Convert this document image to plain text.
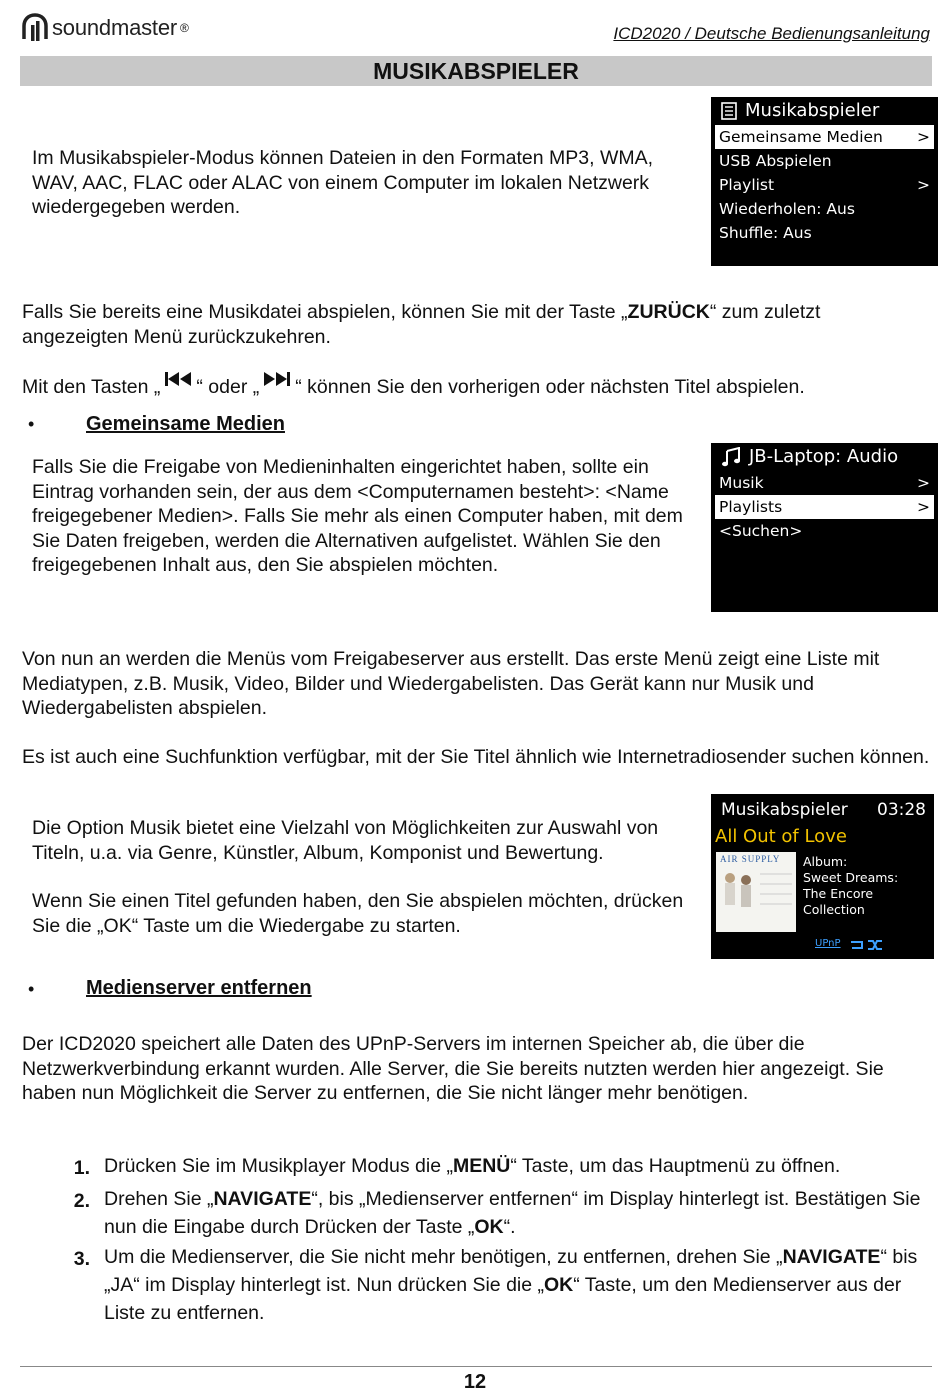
soundmaster ®	ICD2020 / Deutsche Bedienungsanleitung
MUSIKABSPIELER
Im Musikabspieler-Modus können Dateien in den Formaten MP3, WMA, WAV, AAC, FLAC oder ALAC von einem Computer im lokalen Netzwerk wiedergegeben werden.
Musikabspieler
Gemeinsame Medien >
USB Abspielen
Playlist	>
Wiederholen: Aus
Shuffle: Aus
Falls Sie bereits eine Musikdatei abspielen, können Sie mit der Taste „ZURÜCK“ zum zuletzt angezeigten Menü zurückzukehren.
Mit den Tasten „ “ oder „ “ können Sie den vorherigen oder nächsten Titel abspielen.
•	Gemeinsame Medien
Falls Sie die Freigabe von Medieninhalten eingerichtet haben, sollte ein Eintrag vorhanden sein, der aus dem <Computernamen besteht>: <Name freigegebener Medien>. Falls Sie mehr als einen Computer haben, mit dem Sie Daten freigeben, werden die Alternativen aufgelistet. Wählen Sie den freigegebenen Inhalt aus, den Sie abspielen möchten.
JB-Laptop: Audio
Musik	>
Playlists	>
<Suchen>
Von nun an werden die Menüs vom Freigabeserver aus erstellt. Das erste Menü zeigt eine Liste mit Mediatypen, z.B. Musik, Video, Bilder und Wiedergabelisten. Das Gerät kann nur Musik und Wiedergabelisten abspielen.
Es ist auch eine Suchfunktion verfügbar, mit der Sie Titel ähnlich wie Internetradiosender suchen können.
Die Option Musik bietet eine Vielzahl von Möglichkeiten zur Auswahl von Titeln, u.a. via Genre, Künstler, Album, Komponist und Bewertung.
Wenn Sie einen Titel gefunden haben, den Sie abspielen möchten, drücken Sie die „OK“ Taste um die Wiedergabe zu starten.
Musikabspieler 03:28
All Out of Love
AIR SUPPLY Album:
Sweet Dreams:
The Encore
Collection
UPnP
•	Medienserver entfernen
Der ICD2020 speichert alle Daten des UPnP-Servers im internen Speicher ab, die über die Netzwerkverbindung erkannt wurden. Alle Server, die Sie bereits nutzten werden hier angezeigt. Sie haben nun Möglichkeit die Server zu entfernen, die Sie nicht länger mehr benötigen.
1. Drücken Sie im Musikplayer Modus die „MENÜ“ Taste, um das Hauptmenü zu öffnen.
2. Drehen Sie „NAVIGATE“, bis „Medienserver entfernen“ im Display hinterlegt ist. Bestätigen Sie nun die Eingabe durch Drücken der Taste „OK“.
3. Um die Medienserver, die Sie nicht mehr benötigen, zu entfernen, drehen Sie „NAVIGATE“ bis „JA“ im Display hinterlegt ist. Nun drücken Sie die „OK“ Taste, um den Medienserver aus der Liste zu entfernen.
12
